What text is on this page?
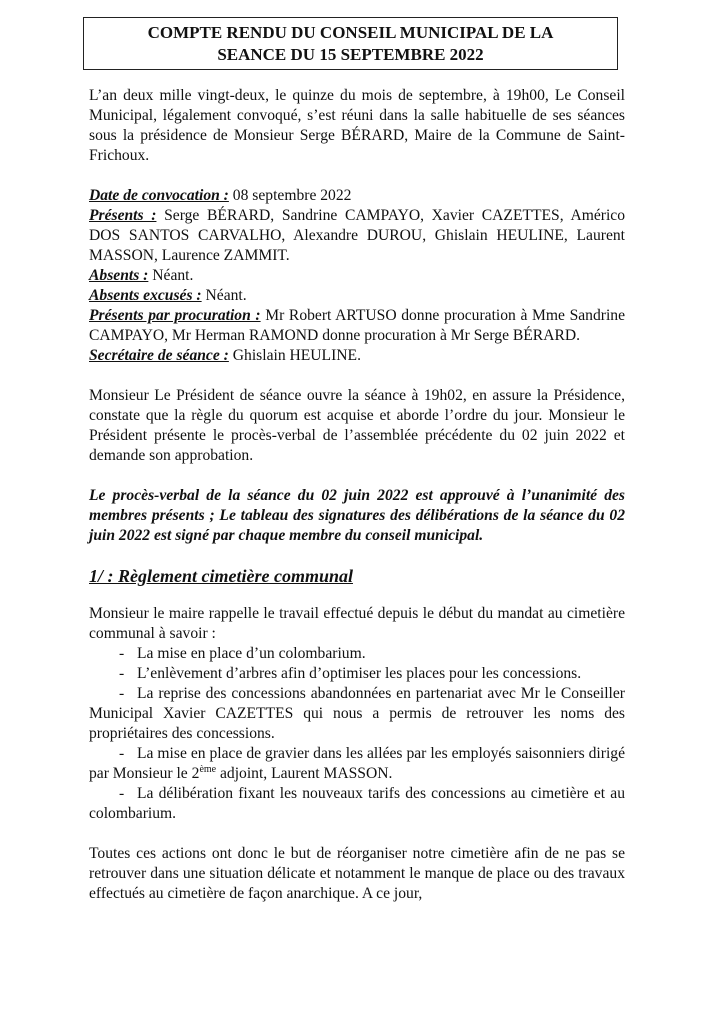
COMPTE RENDU DU CONSEIL MUNICIPAL DE LA
SEANCE DU 15 SEPTEMBRE 2022

L’an deux mille vingt-deux, le quinze du mois de septembre, à 19h00, Le Conseil Municipal, légalement convoqué, s’est réuni dans la salle habituelle de ses séances sous la présidence de Monsieur Serge BÉRARD, Maire de la Commune de Saint-Frichoux.

Date de convocation : 08 septembre 2022

Présents : Serge BÉRARD, Sandrine CAMPAYO, Xavier CAZETTES, Américo DOS SANTOS CARVALHO, Alexandre DUROU, Ghislain HEULINE, Laurent MASSON, Laurence ZAMMIT.

Absents : Néant.

Absents excusés : Néant.

Présents par procuration : Mr Robert ARTUSO donne procuration à Mme Sandrine CAMPAYO, Mr Herman RAMOND donne procuration à Mr Serge BÉRARD.

Secrétaire de séance : Ghislain HEULINE.

Monsieur Le Président de séance ouvre la séance à 19h02, en assure la Présidence, constate que la règle du quorum est acquise et aborde l’ordre du jour. Monsieur le Président présente le procès-verbal de l’assemblée précédente du 02 juin 2022 et demande son approbation.

Le procès-verbal de la séance du 02 juin 2022 est approuvé à l’unanimité des membres présents ; Le tableau des signatures des délibérations de la séance du 02 juin 2022 est signé par chaque membre du conseil municipal.

1/ : Règlement cimetière communal

Monsieur le maire rappelle le travail effectué depuis le début du mandat au cimetière communal à savoir :

- La mise en place d’un colombarium.

- L’enlèvement d’arbres afin d’optimiser les places pour les concessions.

- La reprise des concessions abandonnées en partenariat avec Mr le Conseiller Municipal Xavier CAZETTES qui nous a permis de retrouver les noms des propriétaires des concessions.

- La mise en place de gravier dans les allées par les employés saisonniers dirigé par Monsieur le 2ème adjoint, Laurent MASSON.

- La délibération fixant les nouveaux tarifs des concessions au cimetière et au colombarium.

Toutes ces actions ont donc le but de réorganiser notre cimetière afin de ne pas se retrouver dans une situation délicate et notamment le manque de place ou des travaux effectués au cimetière de façon anarchique. A ce jour,
